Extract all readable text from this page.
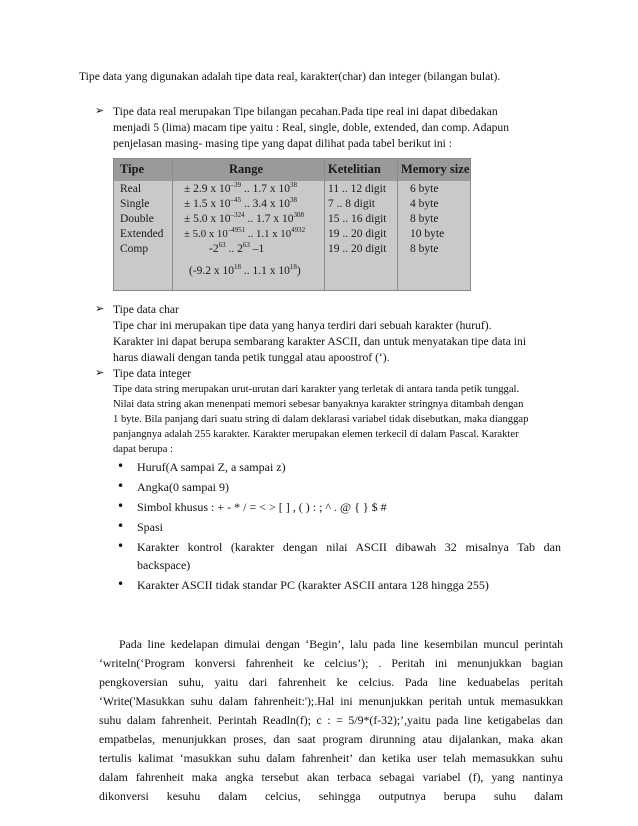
Tipe data yang digunakan adalah tipe data real, karakter(char) dan integer (bilangan bulat).
➢ Tipe data real merupakan Tipe bilangan pecahan.Pada tipe real ini dapat dibedakan
menjadi 5 (lima) macam tipe yaitu : Real, single, doble, extended, dan comp. Adapun
penjelasan masing- masing tipe yang dapat dilihat pada tabel berikut ini :
Tipe	Range	Ketelitian Memory size
Real	± 2.9 x $10^{-39}$ .. 1.7 x $10^{38}$	11 .. 12 digit 6 byte
Single	± 1.5 x $10^{-45}$ .. 3.4 x $10^{38}$	7 .. 8 digit	4 byte
Double	± 5.0 x $10^{-324}$ .. 1.7 x $10^{308}$ 15 .. 16 digit 8 byte
Extended ± 5.0 x $10^{-4951}$ .. 1.1 x $10^{4932}$ 19 .. 20 digit 10 byte
Comp	$-2^{63}$ .. $2^{63}$ –1	19 .. 20 digit 8 byte
(-9.2 x $10^{18}$ .. 1.1 x $10^{18}$)
➢ Tipe data char
Tipe char ini merupakan tipe data yang hanya terdiri dari sebuah karakter (huruf).
Karakter ini dapat berupa sembarang karakter ASCII, dan untuk menyatakan tipe data ini
harus diawali dengan tanda petik tunggal atau apoostrof (‘).
➢ Tipe data integer
Tipe data string merupakan urut-urutan dari karakter yang terletak di antara tanda petik tunggal.
Nilai data string akan menenpati memori sebesar banyaknya karakter stringnya ditambah dengan
1 byte. Bila panjang dari suatu string di dalam deklarasi variabel tidak disebutkan, maka dianggap
panjangnya adalah 255 karakter. Karakter merupakan elemen terkecil di dalam Pascal. Karakter
dapat berupa :
• Huruf(A sampai Z, a sampai z)
• Angka(0 sampai 9)
• Simbol khusus : + - * / = < > [ ] , ( ) : ; ^ . @ { } $ #
• Spasi
• Karakter kontrol (karakter dengan nilai ASCII dibawah 32 misalnya Tab dan
backspace)
• Karakter ASCII tidak standar PC (karakter ASCII antara 128 hingga 255)
Pada line kedelapan dimulai dengan ‘Begin’, lalu pada line kesembilan muncul perintah
‘writeln(‘Program konversi fahrenheit ke celcius’); . Peritah ini menunjukkan bagian
pengkoversian suhu, yaitu dari fahrenheit ke celcius. Pada line keduabelas peritah
‘Write('Masukkan suhu dalam fahrenheit:');.Hal ini menunjukkan peritah untuk memasukkan
suhu dalam fahrenheit. Perintah Readln(f); c : = 5/9*(f-32);’,yaitu pada line ketigabelas dan
empatbelas, menunjukkan proses, dan saat program dirunning atau dijalankan, maka akan
tertulis kalimat ‘masukkan suhu dalam fahrenheit’ dan ketika user telah memasukkan suhu
dalam fahrenheit maka angka tersebut akan terbaca sebagai variabel (f), yang nantinya
dikonversi kesuhu dalam celcius, sehingga outputnya berupa suhu dalam
